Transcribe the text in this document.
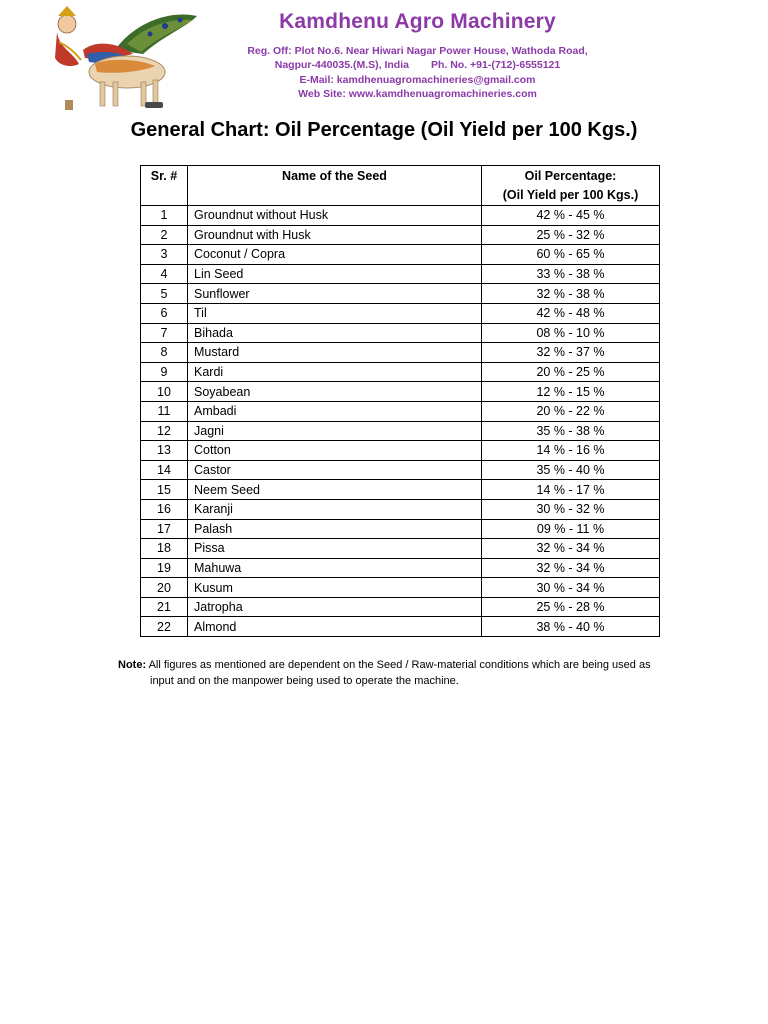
Kamdhenu Agro Machinery
Reg. Off: Plot No.6. Near Hiwari Nagar Power House, Wathoda Road,
Nagpur-440035.(M.S), India Ph. No. +91-(712)-6555121
E-Mail: kamdhenuagromachineries@gmail.com
Web Site: www.kamdhenuagromachineries.com
General Chart: Oil Percentage (Oil Yield per 100 Kgs.)
Sr. #	Name of the Seed	Oil Percentage:
(Oil Yield per 100 Kgs.)

1	Groundnut without Husk	42 % - 45 %
2	Groundnut with Husk	25 % - 32 %
3	Coconut / Copra	60 % - 65 %
4	Lin Seed	33 % - 38 %
5	Sunflower	32 % - 38 %
6	Til	42 % - 48 %
7	Bihada	08 % - 10 %
8	Mustard	32 % - 37 %
9	Kardi	20 % - 25 %
10	Soyabean	12 % - 15 %
11	Ambadi	20 % - 22 %
12	Jagni	35 % - 38 %
13	Cotton	14 % - 16 %
14	Castor	35 % - 40 %
15	Neem Seed	14 % - 17 %
16	Karanji	30 % - 32 %
17	Palash	09 % - 11 %
18	Pissa	32 % - 34 %
19	Mahuwa	32 % - 34 %
20	Kusum	30 % - 34 %
21	Jatropha	25 % - 28 %
22	Almond	38 % - 40 %
Note: All figures as mentioned are dependent on the Seed / Raw-material conditions which are being used as
input and on the manpower being used to operate the machine.
